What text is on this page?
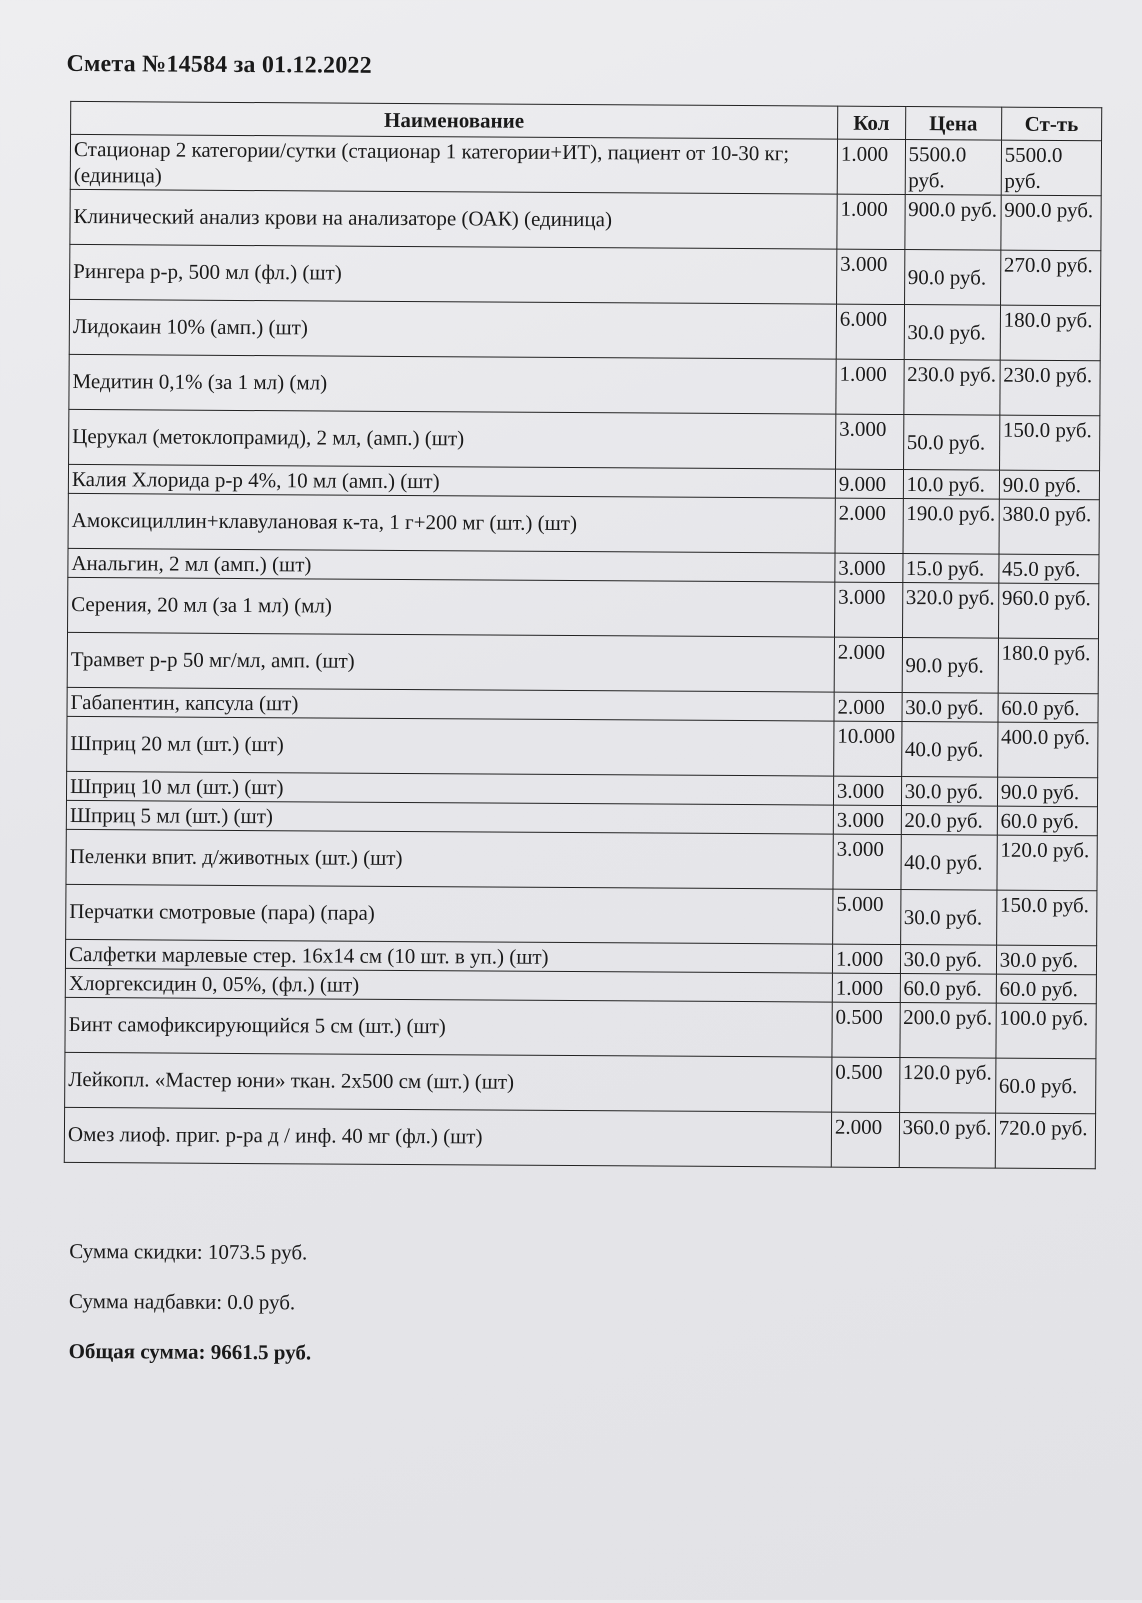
Смета №14584 за 01.12.2022
Наименование	Кол	Цена	Ст-ть
Стационар 2 категории/сутки (стационар 1 категории+ИТ), пациент от 10-30 кг; (единица)	1.000	5500.0 руб.	5500.0 руб.
Клинический анализ крови на анализаторе (ОАК) (единица)	1.000	900.0 руб.	900.0 руб.
Рингера р-р, 500 мл (фл.) (шт)	3.000	90.0 руб.	270.0 руб.
Лидокаин 10% (амп.) (шт)	6.000	30.0 руб.	180.0 руб.
Медитин 0,1% (за 1 мл) (мл)	1.000	230.0 руб.	230.0 руб.
Церукал (метоклопрамид), 2 мл, (амп.) (шт)	3.000	50.0 руб.	150.0 руб.
Калия Хлорида р-р 4%, 10 мл (амп.) (шт)	9.000	10.0 руб.	90.0 руб.
Амоксициллин+клавулановая к-та, 1 г+200 мг (шт.) (шт)	2.000	190.0 руб.	380.0 руб.
Анальгин, 2 мл (амп.) (шт)	3.000	15.0 руб.	45.0 руб.
Серения, 20 мл (за 1 мл) (мл)	3.000	320.0 руб.	960.0 руб.
Трамвет р-р 50 мг/мл, амп. (шт)	2.000	90.0 руб.	180.0 руб.
Габапентин, капсула (шт)	2.000	30.0 руб.	60.0 руб.
Шприц 20 мл (шт.) (шт)	10.000	40.0 руб.	400.0 руб.
Шприц 10 мл (шт.) (шт)	3.000	30.0 руб.	90.0 руб.
Шприц 5 мл (шт.) (шт)	3.000	20.0 руб.	60.0 руб.
Пеленки впит. д/животных (шт.) (шт)	3.000	40.0 руб.	120.0 руб.
Перчатки смотровые (пара) (пара)	5.000	30.0 руб.	150.0 руб.
Салфетки марлевые стер. 16х14 см (10 шт. в уп.) (шт)	1.000	30.0 руб.	30.0 руб.
Хлоргексидин 0, 05%, (фл.) (шт)	1.000	60.0 руб.	60.0 руб.
Бинт самофиксирующийся 5 см (шт.) (шт)	0.500	200.0 руб.	100.0 руб.
Лейкопл. «Мастер юни» ткан. 2х500 см (шт.) (шт)	0.500	120.0 руб.	60.0 руб.
Омез лиоф. приг. р-ра д / инф. 40 мг (фл.) (шт)	2.000	360.0 руб.	720.0 руб.
Сумма скидки: 1073.5 руб.
Сумма надбавки: 0.0 руб.
Общая сумма: 9661.5 руб.
